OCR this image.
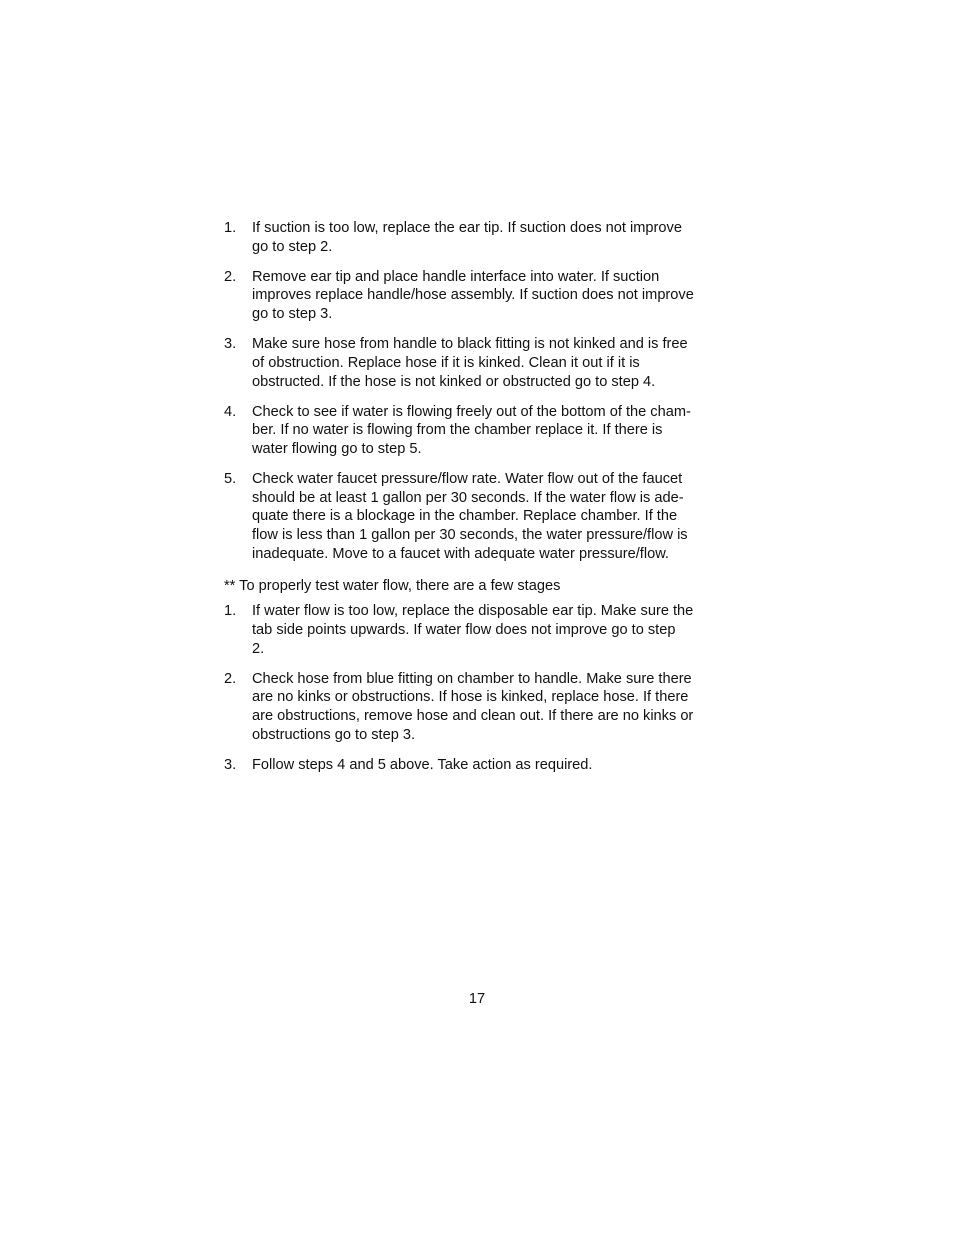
1.	If suction is too low, replace the ear tip. If suction does not improve
go to step 2.
2.	Remove ear tip and place handle interface into water. If suction
improves replace handle/hose assembly. If suction does not improve
go to step 3.
3.	Make sure hose from handle to black fitting is not kinked and is free
of obstruction. Replace hose if it is kinked. Clean it out if it is
obstructed. If the hose is not kinked or obstructed go to step 4.
4.	Check to see if water is flowing freely out of the bottom of the cham-
ber. If no water is flowing from the chamber replace it. If there is
water flowing go to step 5.
5.	Check water faucet pressure/flow rate. Water flow out of the faucet
should be at least 1 gallon per 30 seconds. If the water flow is ade-
quate there is a blockage in the chamber. Replace chamber. If the
flow is less than 1 gallon per 30 seconds, the water pressure/flow is
inadequate. Move to a faucet with adequate water pressure/flow.
** To properly test water flow, there are a few stages
1.	If water flow is too low, replace the disposable ear tip. Make sure the
tab side points upwards. If water flow does not improve go to step
2.
2.	Check hose from blue fitting on chamber to handle. Make sure there
are no kinks or obstructions. If hose is kinked, replace hose. If there
are obstructions, remove hose and clean out. If there are no kinks or
obstructions go to step 3.
3.	Follow steps 4 and 5 above. Take action as required.
17
